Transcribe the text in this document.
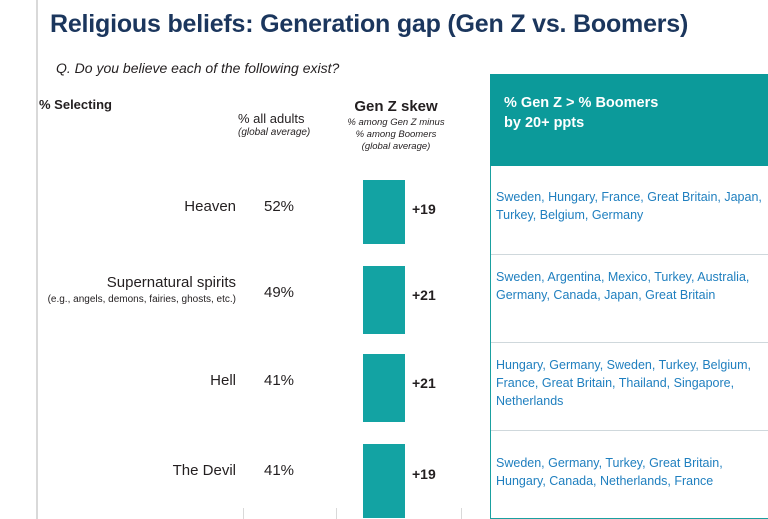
Religious beliefs: Generation gap (Gen Z vs. Boomers)
Q. Do you believe each of the following exist?
% Selecting
% all adults
(global average)
Gen Z skew
% among Gen Z minus
% among Boomers
(global average)
% Gen Z > % Boomers
by 20+ ppts
Heaven 52%	+19
Sweden, Hungary, France, Great Britain, Japan, Turkey, Belgium, Germany
Supernatural spirits
(e.g., angels, demons, fairies, ghosts, etc.) 49%	+21
Sweden, Argentina, Mexico, Turkey, Australia, Germany, Canada, Japan, Great Britain
Hell 41%	+21
Hungary, Germany, Sweden, Turkey, Belgium, France, Great Britain, Thailand, Singapore, Netherlands
The Devil 41%	+19
Sweden, Germany, Turkey, Great Britain, Hungary, Canada, Netherlands, France
